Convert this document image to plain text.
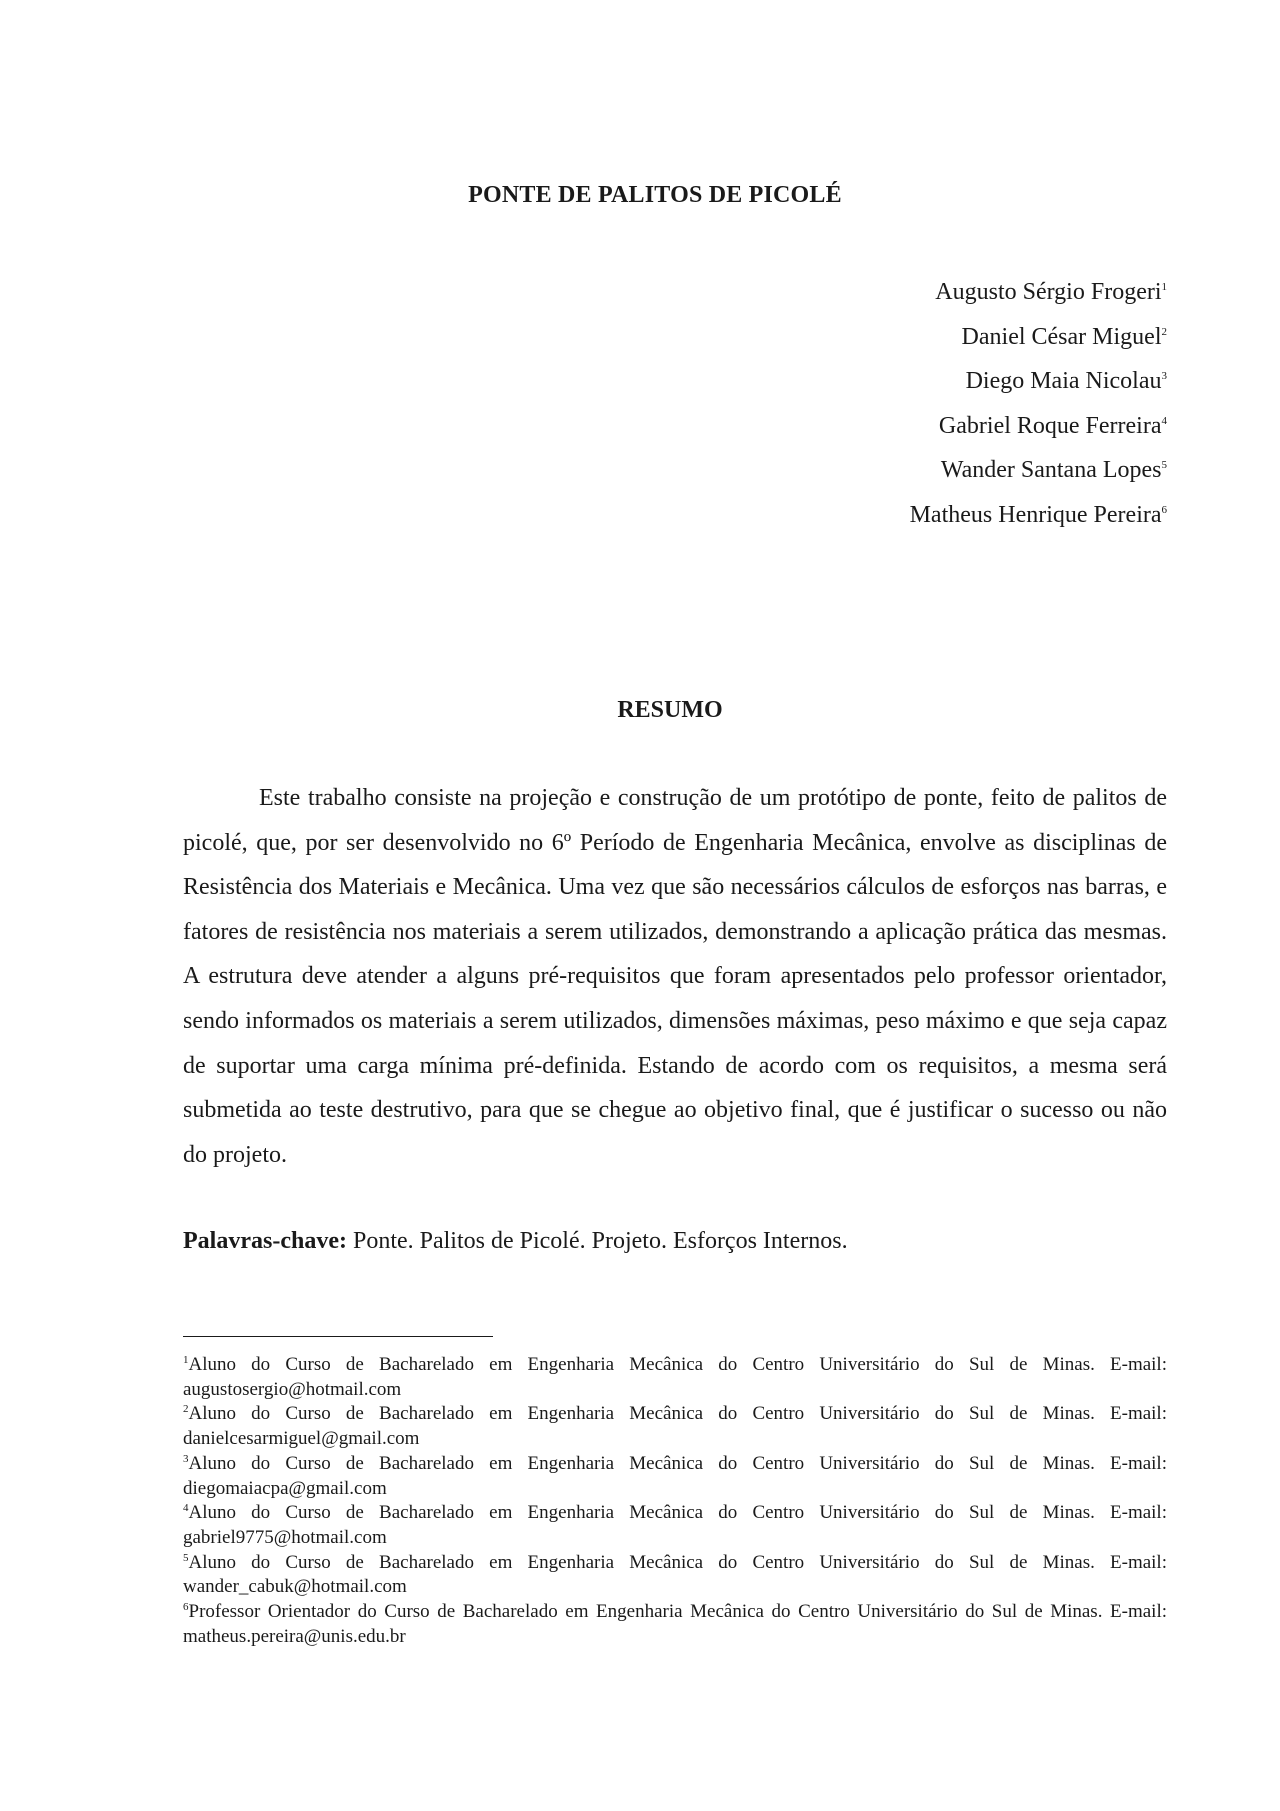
PONTE DE PALITOS DE PICOLÉ
Augusto Sérgio Frogeri$^1$
Daniel César Miguel$^2$
Diego Maia Nicolau$^3$
Gabriel Roque Ferreira$^4$
Wander Santana Lopes$^5$
Matheus Henrique Pereira$^6$
RESUMO

Este trabalho consiste na projeção e construção de um protótipo de ponte, feito de palitos de picolé, que, por ser desenvolvido no 6º Período de Engenharia Mecânica, envolve as disciplinas de Resistência dos Materiais e Mecânica. Uma vez que são necessários cálculos de esforços nas barras, e fatores de resistência nos materiais a serem utilizados, demonstrando a aplicação prática das mesmas. A estrutura deve atender a alguns pré-requisitos que foram apresentados pelo professor orientador, sendo informados os materiais a serem utilizados, dimensões máximas, peso máximo e que seja capaz de suportar uma carga mínima pré-definida. Estando de acordo com os requisitos, a mesma será submetida ao teste destrutivo, para que se chegue ao objetivo final, que é justificar o sucesso ou não do projeto.

Palavras-chave: Ponte. Palitos de Picolé. Projeto. Esforços Internos.

$^1$Aluno do Curso de Bacharelado em Engenharia Mecânica do Centro Universitário do Sul de Minas. E-mail: augustosergio@hotmail.com

$^2$Aluno do Curso de Bacharelado em Engenharia Mecânica do Centro Universitário do Sul de Minas. E-mail: danielcesarmiguel@gmail.com

$^3$Aluno do Curso de Bacharelado em Engenharia Mecânica do Centro Universitário do Sul de Minas. E-mail: diegomaiacpa@gmail.com

$^4$Aluno do Curso de Bacharelado em Engenharia Mecânica do Centro Universitário do Sul de Minas. E-mail: gabriel9775@hotmail.com

$^5$Aluno do Curso de Bacharelado em Engenharia Mecânica do Centro Universitário do Sul de Minas. E-mail: wander_cabuk@hotmail.com

$^6$Professor Orientador do Curso de Bacharelado em Engenharia Mecânica do Centro Universitário do Sul de Minas. E-mail: matheus.pereira@unis.edu.br
